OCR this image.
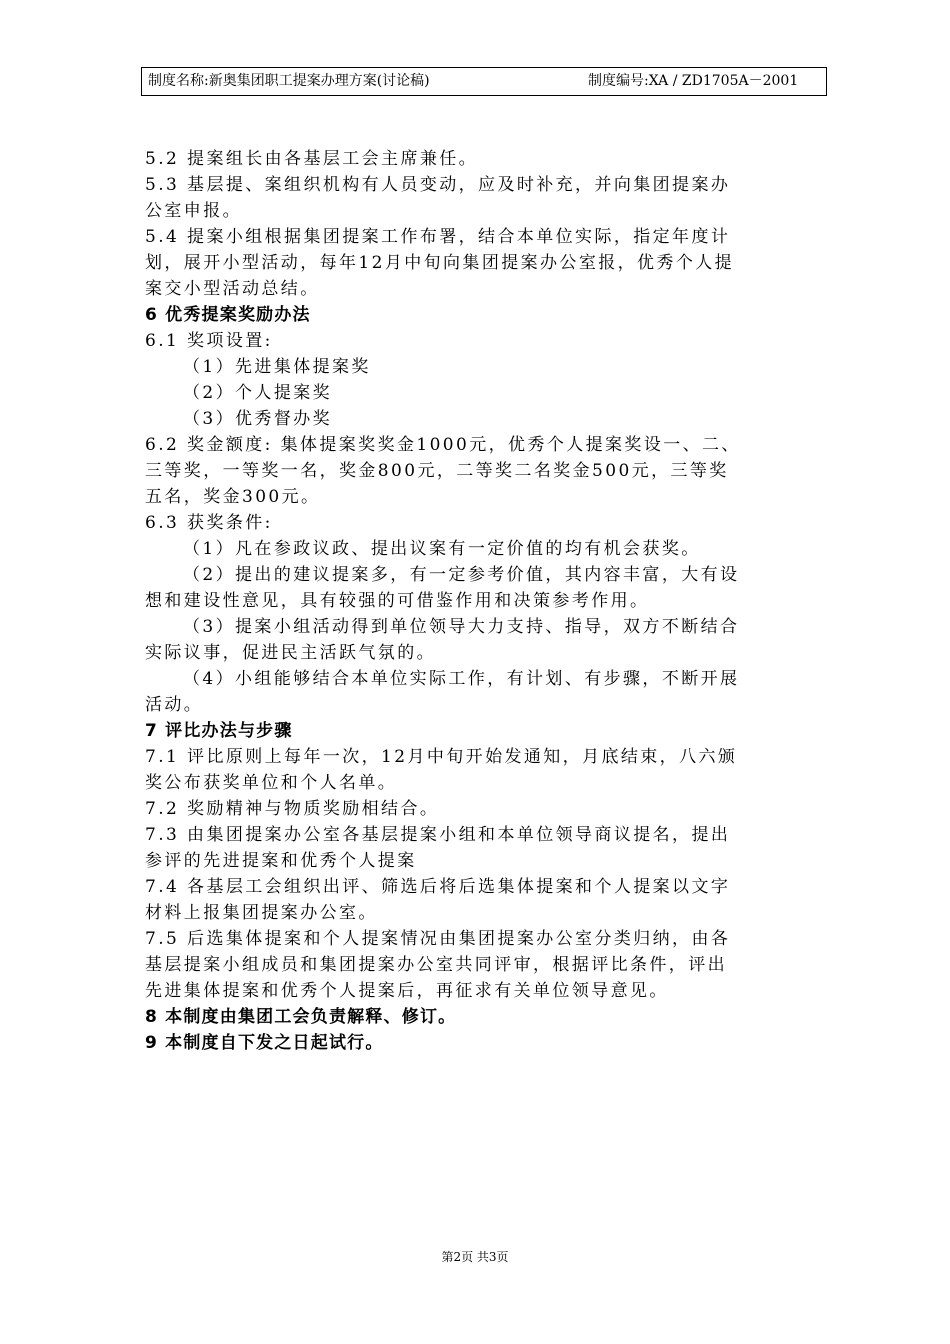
制度名称:新奥集团职工提案办理方案(讨论稿)	制度编号:XA / ZD1705A－2001
5.2 提案组长由各基层工会主席兼任。
5.3 基层提、案组织机构有人员变动，应及时补充，并向集团提案办
公室申报。
5.4 提案小组根据集团提案工作布署，结合本单位实际，指定年度计
划，展开小型活动，每年12月中旬向集团提案办公室报，优秀个人提
案交小型活动总结。
6 优秀提案奖励办法
6.1 奖项设置:
（1）先进集体提案奖
（2）个人提案奖
（3）优秀督办奖
6.2 奖金额度: 集体提案奖奖金1000元，优秀个人提案奖设一、二、
三等奖，一等奖一名，奖金800元，二等奖二名奖金500元，三等奖
五名，奖金300元。
6.3 获奖条件:
（1）凡在参政议政、提出议案有一定价值的均有机会获奖。
（2）提出的建议提案多，有一定参考价值，其内容丰富，大有设
想和建设性意见，具有较强的可借鉴作用和决策参考作用。
（3）提案小组活动得到单位领导大力支持、指导，双方不断结合
实际议事，促进民主活跃气氛的。
（4）小组能够结合本单位实际工作，有计划、有步骤，不断开展
活动。
7 评比办法与步骤
7.1 评比原则上每年一次，12月中旬开始发通知，月底结束，八六颁
奖公布获奖单位和个人名单。
7.2 奖励精神与物质奖励相结合。
7.3 由集团提案办公室各基层提案小组和本单位领导商议提名，提出
参评的先进提案和优秀个人提案
7.4 各基层工会组织出评、筛选后将后选集体提案和个人提案以文字
材料上报集团提案办公室。
7.5 后选集体提案和个人提案情况由集团提案办公室分类归纳，由各
基层提案小组成员和集团提案办公室共同评审，根据评比条件，评出
先进集体提案和优秀个人提案后，再征求有关单位领导意见。
8 本制度由集团工会负责解释、修订。
9 本制度自下发之日起试行。
第2页 共3页
